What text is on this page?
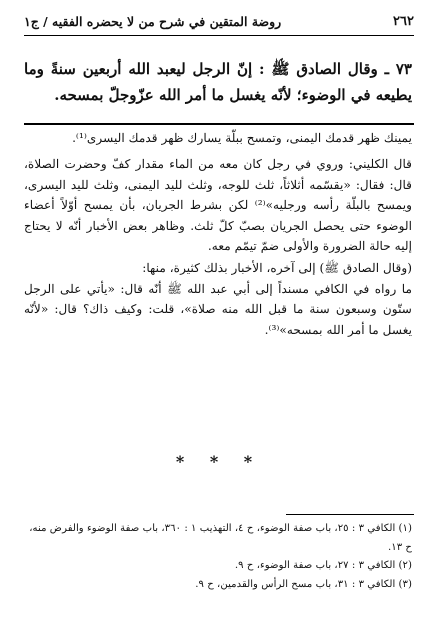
٢٦٢
روضة المتقين في شرح من لا يحضره الفقيه / ج١
٧٣ ـ وقال الصادق ﷺ : إنّ الرجل ليعبد الله أربعين سنةً وما يطيعه في الوضوء؛ لأنّه يغسل ما أمر الله عزّوجلّ بمسحه.

يمينك ظهر قدمك اليمنى، وتمسح ببلّة يسارك ظهر قدمك اليسرى⁽¹⁾.

قال الكليني: وروي في رجل كان معه من الماء مقدار كفّ وحضرت الصلاة، قال: فقال: «يقسّمه أثلاثاً، ثلث للوجه، وثلث لليد اليمنى، وثلث لليد اليسرى، ويمسح بالبلّة رأسه ورجليه»⁽²⁾ لكن بشرط الجريان، بأن يمسح أوّلاً أعضاء الوضوء حتى يحصل الجريان بصبّ كلّ ثلث. وظاهر بعض الأخبار أنّه لا يحتاج إليه حالة الضرورة والأولى ضمّ تيمّم معه.

(وقال الصادق ﷺ) إلى آخره، الأخبار بذلك كثيرة، منها:

ما رواه في الكافي مسنداً إلى أبي عبد الله ﷺ أنّه قال: «يأتي على الرجل ستّون وسبعون سنة ما قبل الله منه صلاة»، قلت: وكيف ذاك؟ قال: «لأنّه يغسل ما أمر الله بمسحه»⁽³⁾.

* * *
(١) الكافي ٣ : ٢٥، باب صفة الوضوء، ح ٤، التهذيب ١ : ٣٦٠، باب صفة الوضوء والفرض منه، ح ١٣.
(٢) الكافي ٣ : ٢٧، باب صفة الوضوء، ح ٩.
(٣) الكافي ٣ : ٣١، باب مسح الرأس والقدمين، ح ٩.
